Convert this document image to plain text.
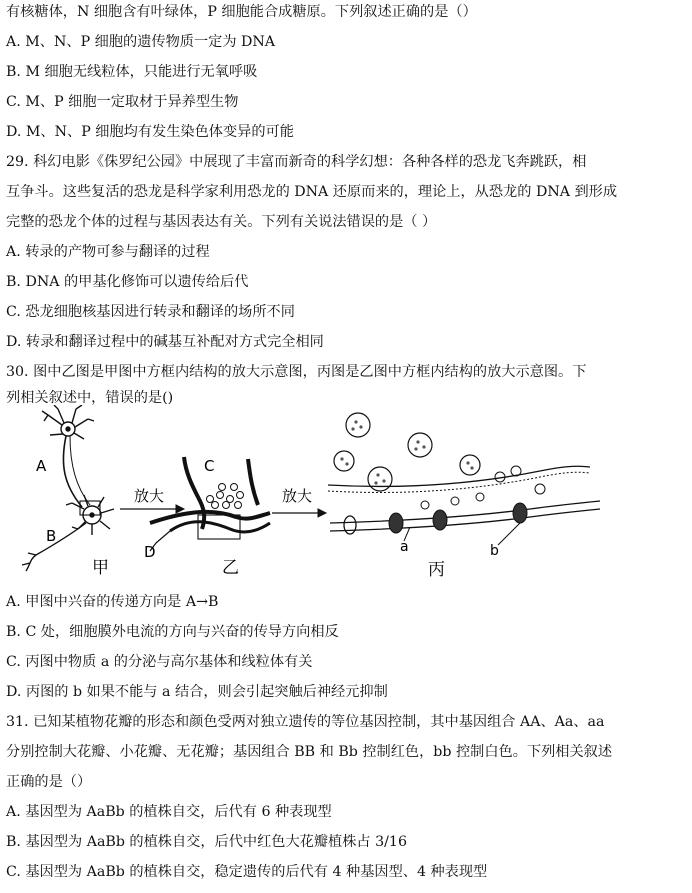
有核糖体，N 细胞含有叶绿体，P 细胞能合成糖原。下列叙述正确的是（）
A. M、N、P 细胞的遗传物质一定为 DNA
B. M 细胞无线粒体，只能进行无氧呼吸
C. M、P 细胞一定取材于异养型生物
D. M、N、P 细胞均有发生染色体变异的可能
29. 科幻电影《侏罗纪公园》中展现了丰富而新奇的科学幻想：各种各样的恐龙飞奔跳跃，相
互争斗。这些复活的恐龙是科学家利用恐龙的 DNA 还原而来的，理论上，从恐龙的 DNA 到形成
完整的恐龙个体的过程与基因表达有关。下列有关说法错误的是（ ）
A. 转录的产物可参与翻译的过程
B. DNA 的甲基化修饰可以遗传给后代
C. 恐龙细胞核基因进行转录和翻译的场所不同
D. 转录和翻译过程中的碱基互补配对方式完全相同
30. 图中乙图是甲图中方框内结构的放大示意图，丙图是乙图中方框内结构的放大示意图。下
列相关叙述中，错误的是()
A
B
甲
放大
C
D
乙
放大
a	b
丙
A. 甲图中兴奋的传递方向是 A→B
B. C 处，细胞膜外电流的方向与兴奋的传导方向相反
C. 丙图中物质 a 的分泌与高尔基体和线粒体有关
D. 丙图的 b 如果不能与 a 结合，则会引起突触后神经元抑制
31. 已知某植物花瓣的形态和颜色受两对独立遗传的等位基因控制，其中基因组合 AA、Aa、aa
分别控制大花瓣、小花瓣、无花瓣；基因组合 BB 和 Bb 控制红色，bb 控制白色。下列相关叙述
正确的是（）
A. 基因型为 AaBb 的植株自交，后代有 6 种表现型
B. 基因型为 AaBb 的植株自交，后代中红色大花瓣植株占 3/16
C. 基因型为 AaBb 的植株自交，稳定遗传的后代有 4 种基因型、4 种表现型
